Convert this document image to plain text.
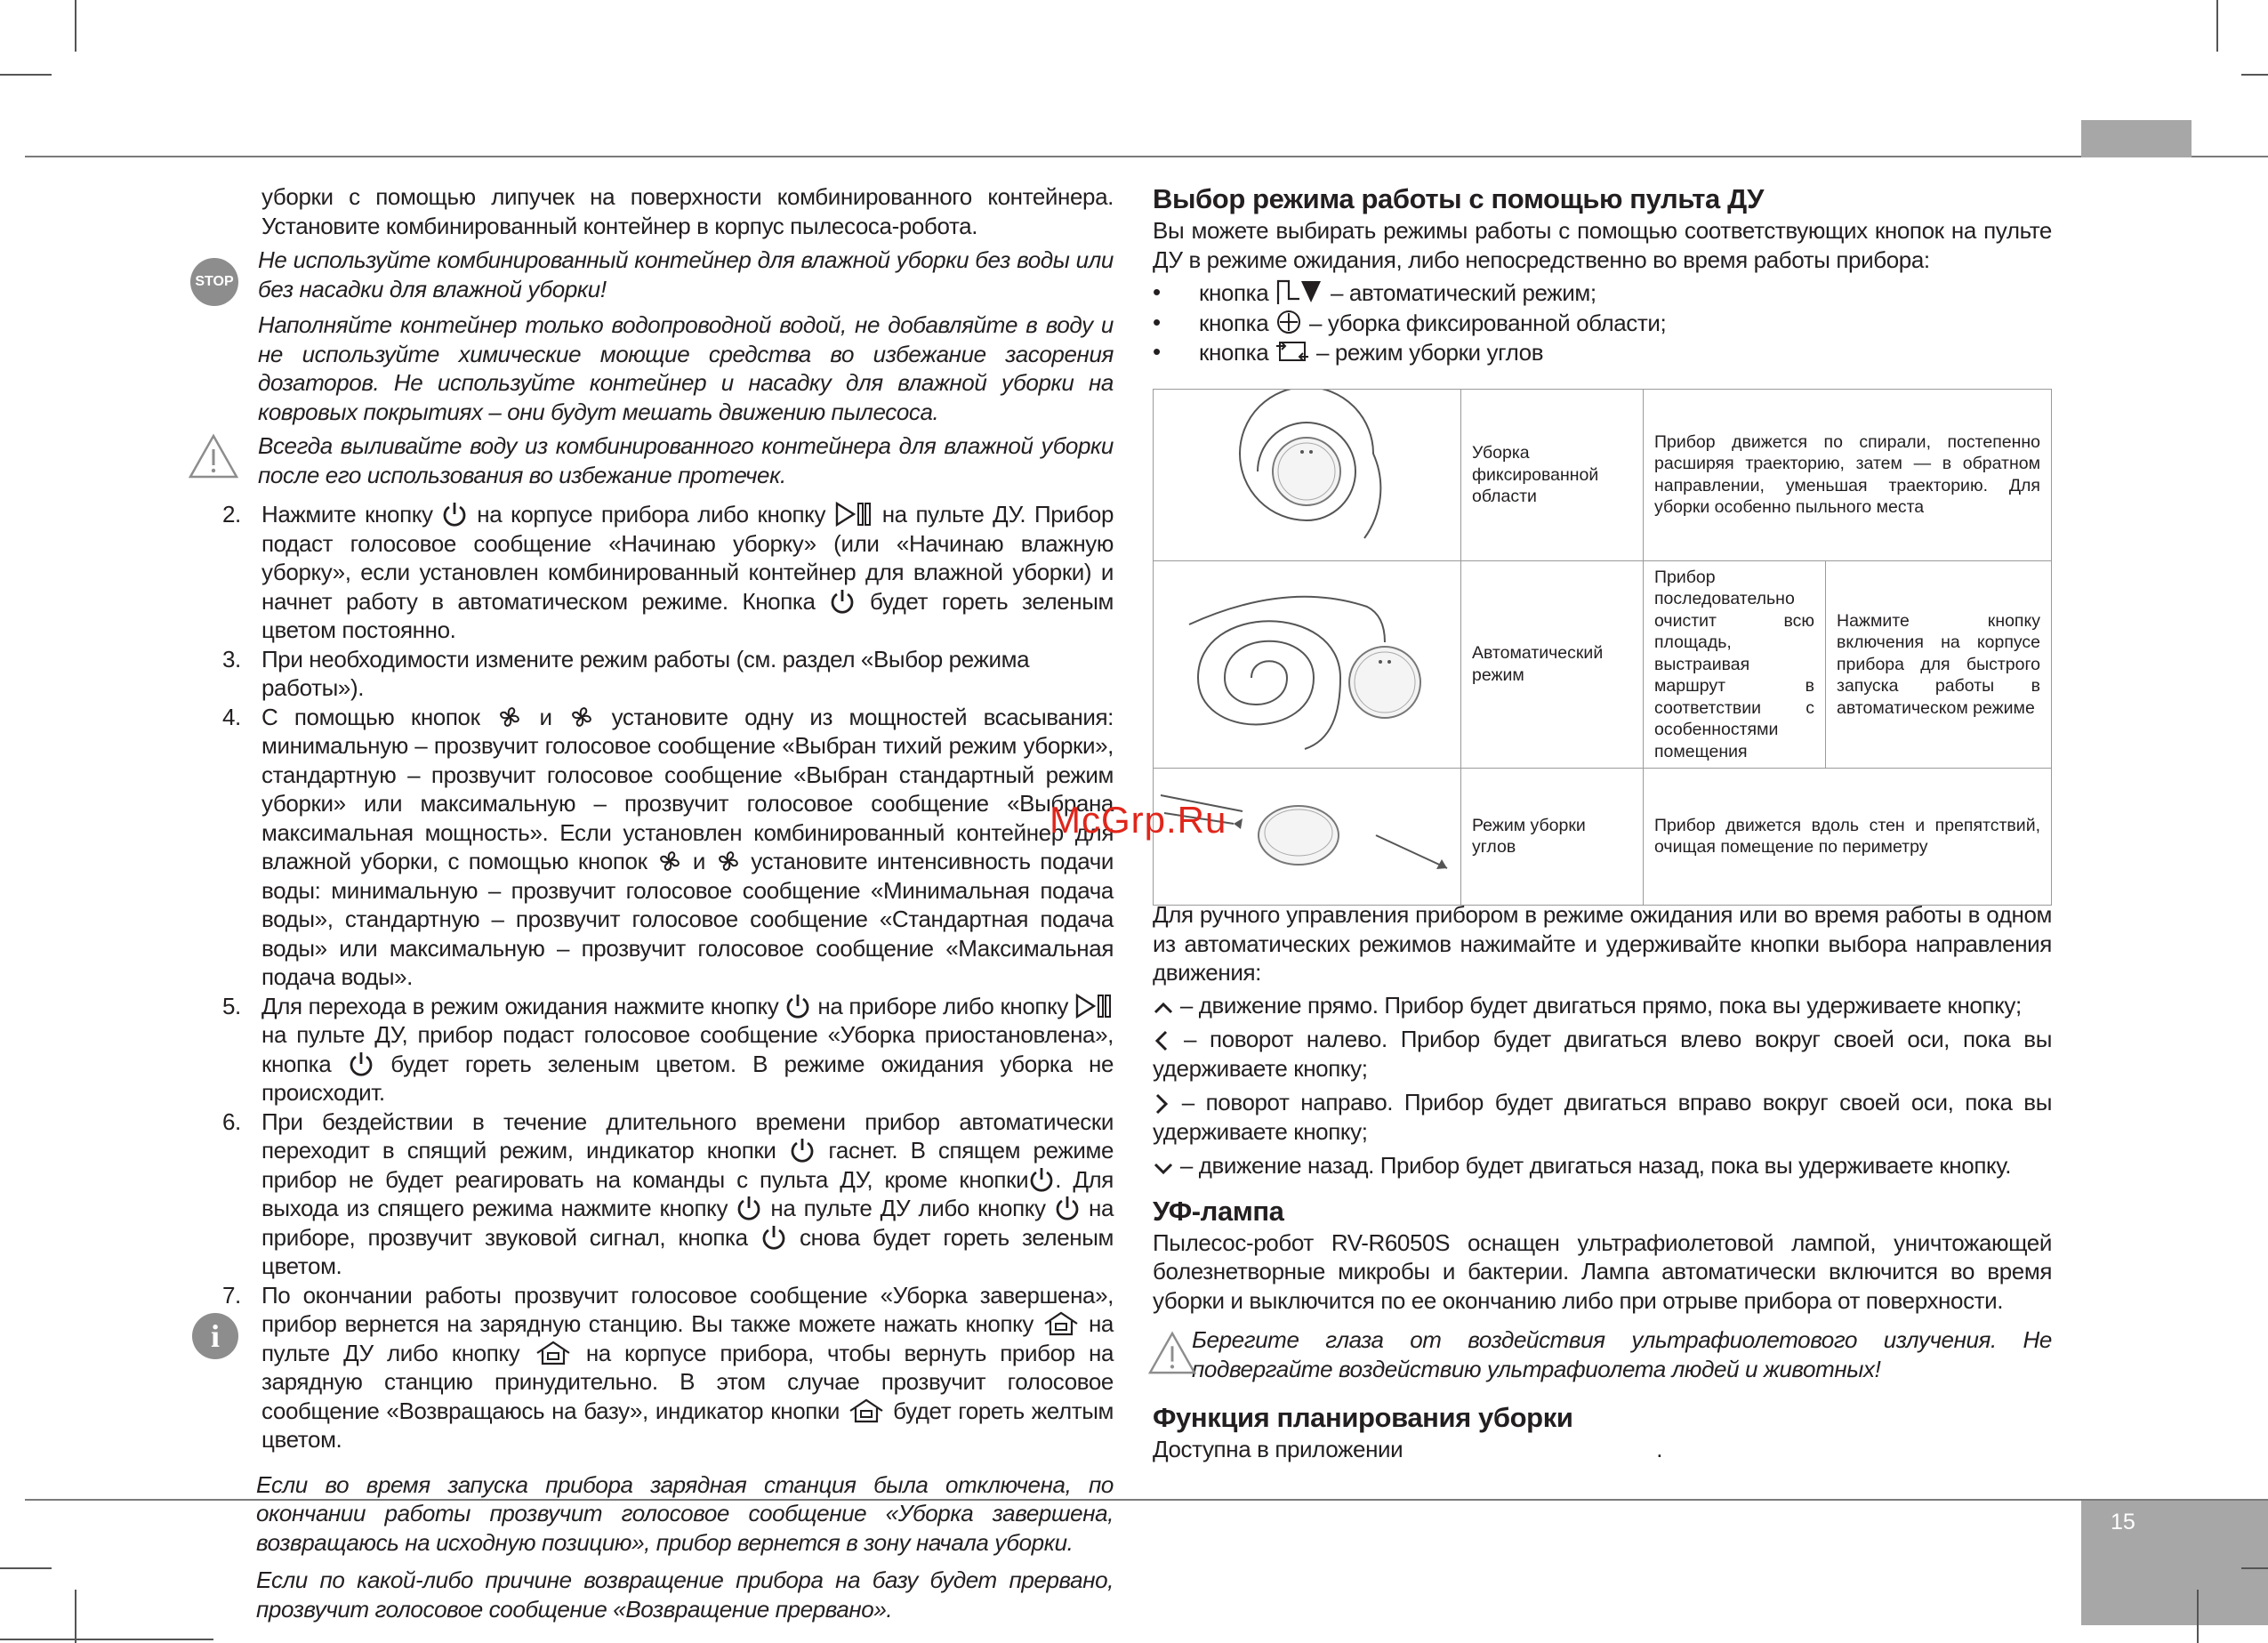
15
STOP
i

уборки с помощью липучек на поверхности комбинированного контейнера. Установите комбинированный контейнер в корпус пылесоса-робота.

Не используйте комбинированный контейнер для влажной уборки без воды или без насадки для влажной уборки!

Наполняйте контейнер только водопроводной водой, не добавляйте в воду и не используйте химические моющие средства во избежание засорения дозаторов. Не используйте контейнер и насадку для влажной уборки на ковровых покрытиях – они будут мешать движению пылесоса.

Всегда выливайте воду из комбинированного контейнера для влажной уборки после его использования во избежание протечек.

2. Нажмите кнопку на корпусе прибора либо кнопку на пульте ДУ. Прибор подаст голосовое сообщение «Начинаю уборку» (или «Начинаю влажную уборку», если установлен комбинированный контейнер для влажной уборки) и начнет работу в автоматическом режиме. Кнопка будет гореть зеленым цветом постоянно.

3. При необходимости измените режим работы (см. раздел «Выбор режима работы»).

4. С помощью кнопок	и	установите одну из мощностей всасывания: минимальную – прозвучит голосовое сообщение «Выбран тихий режим уборки», стандартную – прозвучит голосовое сообщение «Выбран стандартный режим уборки» или максимальную – прозвучит голосовое сообщение «Выбрана максимальная мощность». Если установлен комбинированный контейнер для влажной уборки, с помощью кнопок и установите интенсивность подачи воды: минимальную – прозвучит голосовое сообщение «Минимальная подача воды», стандартную – прозвучит голосовое сообщение «Стандартная подача воды» или максимальную – прозвучит голосовое сообщение «Максимальная подача воды».

5. Для перехода в режим ожидания нажмите кнопку на приборе либо кнопку  на пульте ДУ, прибор подаст голосовое сообщение «Уборка приостановлена», кнопка	будет гореть зеленым цветом. В режиме ожидания уборка не происходит.

6. При бездействии в течение длительного времени прибор автоматически переходит в спящий режим, индикатор кнопки гаснет. В спящем режиме прибор не будет реагировать на команды с пульта ДУ, кроме кнопки . Для выхода из спящего режима нажмите кнопку на пульте ДУ либо кнопку на приборе, прозвучит звуковой сигнал, кнопка снова будет гореть зеленым цветом.

7. По окончании работы прозвучит голосовое сообщение «Уборка завершена», прибор вернется на зарядную станцию. Вы также можете нажать кнопку на пульте ДУ либо кнопку	на корпусе прибора, чтобы вернуть прибор на зарядную станцию принудительно. В этом случае прозвучит голосовое сообщение «Возвращаюсь на базу», индикатор кнопки будет гореть желтым цветом.

Если во время запуска прибора зарядная станция была отключена, по окончании работы прозвучит голосовое сообщение «Уборка завершена, возвращаюсь на исходную позицию», прибор вернется в зону начала уборки.

Если по какой-либо причине возвращение прибора на базу будет прервано, прозвучит голосовое сообщение «Возвращение прервано».

Выбор режима работы с помощью пульта ДУ

Вы можете выбирать режимы работы с помощью соответствующих кнопок на пульте ДУ в режиме ожидания, либо непосредственно во время работы прибора:

•	кнопка	– автоматический режим;
•	кнопка – уборка фиксированной области;
•	кнопка – режим уборки углов
	Уборка фиксированной области	Прибор движется по спирали, постепенно расширяя траекторию, затем — в обратном направлении, уменьшая траекторию. Для уборки особенно пыльного места	
	Автоматический режим	Прибор последовательно очистит всю площадь, выстраивая маршрут в соответствии с особенностями помещения	Нажмите кнопку включения на корпусе прибора для быстрого запуска работы в автоматическом режиме
	Режим уборки углов	Прибор движется вдоль стен и препятствий, очищая помещение по периметру	

Для ручного управления прибором в режиме ожидания или во время работы в одном из автоматических режимов нажимайте и удерживайте кнопки выбора направления движения:

– движение прямо. Прибор будет двигаться прямо, пока вы удерживаете кнопку;

– поворот налево. Прибор будет двигаться влево вокруг своей оси, пока вы удерживаете кнопку;

– поворот направо. Прибор будет двигаться вправо вокруг своей оси, пока вы удерживаете кнопку;

– движение назад. Прибор будет двигаться назад, пока вы удерживаете кнопку.

УФ-лампа

Пылесос-робот RV-R6050S оснащен ультрафиолетовой лампой, уничтожающей болезнетворные микробы и бактерии. Лампа автоматически включится во время уборки и выключится по ее окончанию либо при отрыве прибора от поверхности.

Берегите глаза от воздействия ультрафиолетового излучения. Не подвергайте воздействию ультрафиолета людей и животных!

Функция планирования уборки

Доступна в приложении	.

McGrp.Ru
